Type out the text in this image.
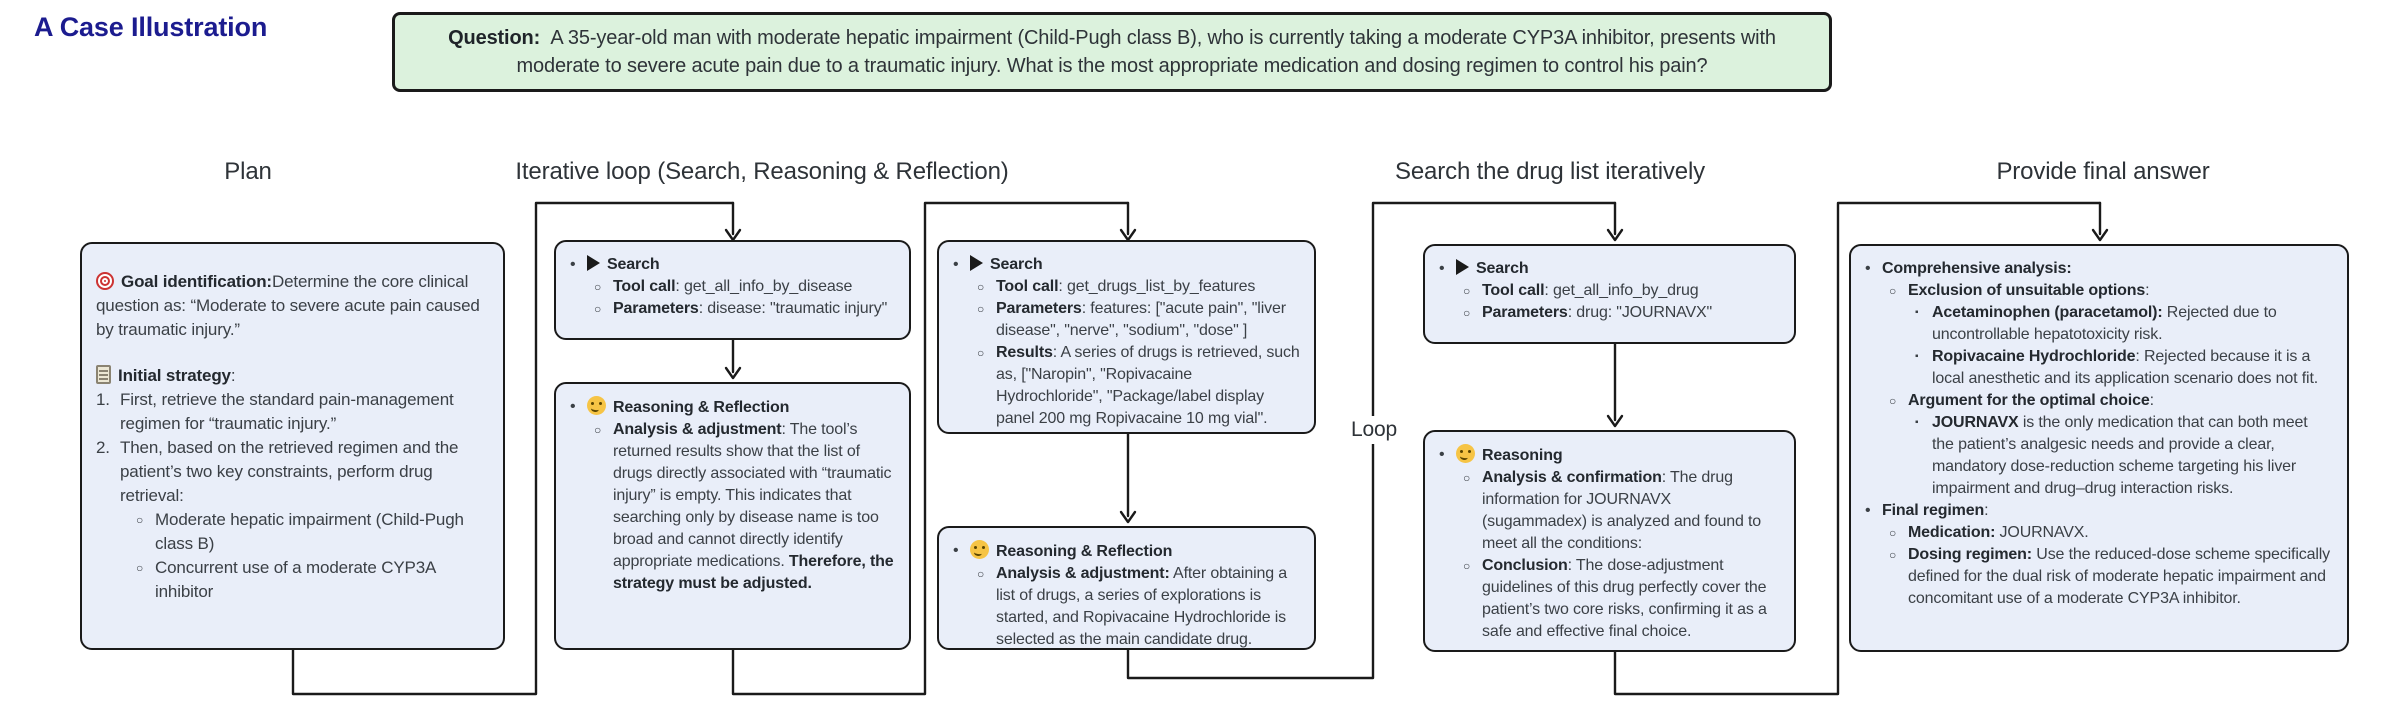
A Case Illustration	Question: A 35-year-old man with moderate hepatic impairment (Child-Pugh class B), who is currently taking a moderate CYP3A inhibitor, presents with moderate to severe acute pain due to a traumatic injury. What is the most appropriate medication and dosing regimen to control his pain?

Plan	Iterative loop (Search, Reasoning & Reflection)	Search the drug list iteratively	Provide final answer
Loop
Goal identification:Determine the core clinical question as: “Moderate to severe acute pain caused by traumatic injury.”
Initial strategy:
1. First, retrieve the standard pain-management regimen for “traumatic injury.”
2. Then, based on the retrieved regimen and the patient’s two key constraints, perform drug retrieval:
○ Moderate hepatic impairment (Child-Pugh class B)
○ Concurrent use of a moderate CYP3A inhibitor
•	Search
○ Tool call: get_all_info_by_disease
○ Parameters: disease: "traumatic injury"
•	Reasoning & Reflection
○ Analysis & adjustment: The tool’s returned results show that the list of drugs directly associated with “traumatic injury” is empty. This indicates that searching only by disease name is too broad and cannot directly identify appropriate medications. Therefore, the strategy must be adjusted.
•	Search
○ Tool call: get_drugs_list_by_features
○ Parameters: features: ["acute pain", "liver disease", "nerve", "sodium", "dose" ]
○ Results: A series of drugs is retrieved, such as, ["Naropin", "Ropivacaine Hydrochloride", "Package/label display panel 200 mg Ropivacaine 10 mg vial".
•	Reasoning & Reflection
○ Analysis & adjustment: After obtaining a list of drugs, a series of explorations is started, and Ropivacaine Hydrochloride is selected as the main candidate drug.
•	Search
○ Tool call: get_all_info_by_drug
○ Parameters: drug: "JOURNAVX"
•	Reasoning
○ Analysis & confirmation: The drug information for JOURNAVX (sugammadex) is analyzed and found to meet all the conditions:
○ Conclusion: The dose-adjustment guidelines of this drug perfectly cover the patient’s two core risks, confirming it as a safe and effective final choice.
• Comprehensive analysis:
○ Exclusion of unsuitable options:
▪ Acetaminophen (paracetamol): Rejected due to uncontrollable hepatotoxicity risk.
▪ Ropivacaine Hydrochloride: Rejected because it is a local anesthetic and its application scenario does not fit.
○ Argument for the optimal choice:
▪ JOURNAVX is the only medication that can both meet the patient’s analgesic needs and provide a clear, mandatory dose-reduction scheme targeting his liver impairment and drug–drug interaction risks.
• Final regimen:
○ Medication: JOURNAVX.
○ Dosing regimen: Use the reduced-dose scheme specifically defined for the dual risk of moderate hepatic impairment and concomitant use of a moderate CYP3A inhibitor.
